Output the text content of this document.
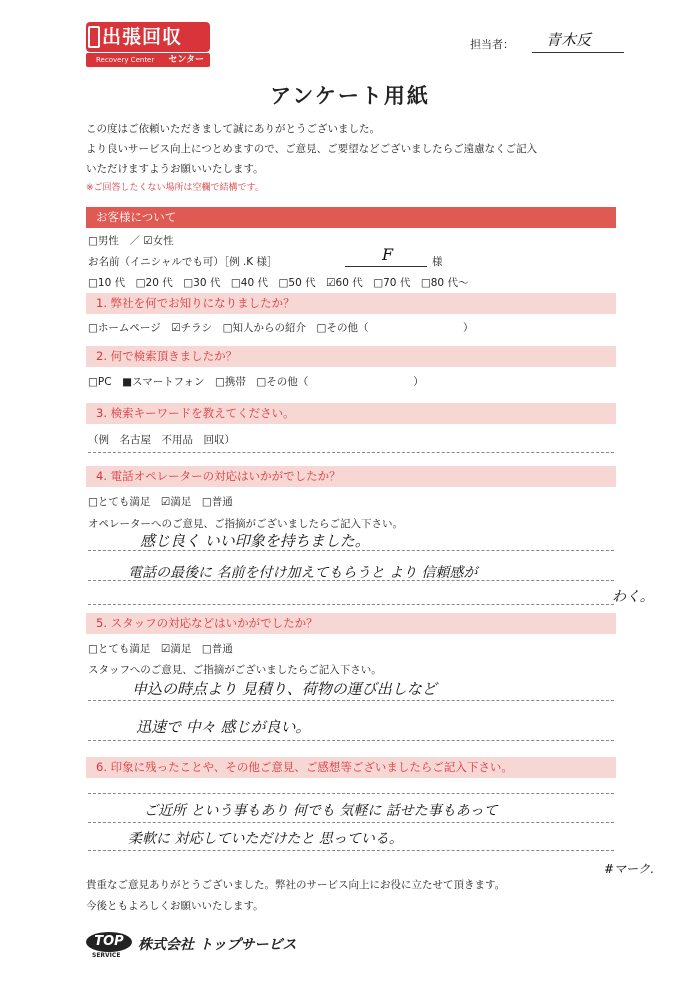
出張回収
Recovery Center センター
担当者： 青木反
アンケート用紙
この度はご依頼いただきまして誠にありがとうございました。
より良いサービス向上につとめますので、ご意見、ご要望などございましたらご遠慮なくご記入
いただけますようお願いいたします。
※ご回答したくない場所は空欄で結構です。
お客様について
□男性　／ ☑女性
お名前（イニシャルでも可）［例 .K 様］	F	様
□10 代　□20 代　□30 代　□40 代　□50 代　☑60 代　□70 代　□80 代～
1. 弊社を何でお知りになりましたか？
□ホームページ　☑チラシ　□知人からの紹介　□その他（　　　　　　　　　）
2. 何で検索頂きましたか？
□PC　■スマートフォン　□携帯　□その他（　　　　　　　　　　）
3. 検索キーワードを教えてください。
（例　名古屋　不用品　回収）
4. 電話オペレーターの対応はいかがでしたか？
□とても満足　☑満足　□普通
オペレーターへのご意見、ご指摘がございましたらご記入下さい。
感じ良く いい印象を持ちました。
電話の最後に 名前を付け加えてもらうと より 信頼感が
わく。
5. スタッフの対応などはいかがでしたか？
□とても満足　☑満足　□普通
スタッフへのご意見、ご指摘がございましたらご記入下さい。
申込の時点より 見積り、荷物の運び出しなど
迅速で 中々 感じが良い。
6. 印象に残ったことや、その他ご意見、ご感想等ございましたらご記入下さい。
ご近所 という事もあり 何でも 気軽に 話せた事もあって
柔軟に 対応していただけたと 思っている。
#マーク.
貴重なご意見ありがとうございました。弊社のサービス向上にお役に立たせて頂きます。
今後ともよろしくお願いいたします。
TOP
SERVICE
株式会社 トップサービス
